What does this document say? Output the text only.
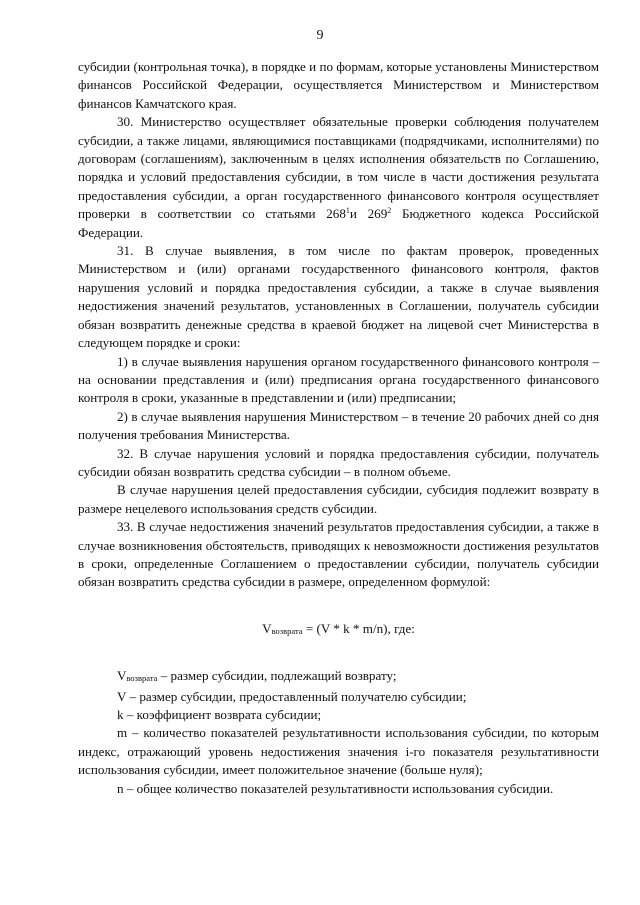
9

субсидии (контрольная точка), в порядке и по формам, которые установлены Министерством финансов Российской Федерации, осуществляется Министерством и Министерством финансов Камчатского края.

30. Министерство осуществляет обязательные проверки соблюдения получателем субсидии, а также лицами, являющимися поставщиками (подрядчиками, исполнителями) по договорам (соглашениям), заключенным в целях исполнения обязательств по Соглашению, порядка и условий предоставления субсидии, в том числе в части достижения результата предоставления субсидии, а орган государственного финансового контроля осуществляет проверки в соответствии со статьями $268^1и$ $269^2$ Бюджетного кодекса Российской Федерации.

31. В случае выявления, в том числе по фактам проверок, проведенных Министерством и (или) органами государственного финансового контроля, фактов нарушения условий и порядка предоставления субсидии, а также в случае выявления недостижения значений результатов, установленных в Соглашении, получатель субсидии обязан возвратить денежные средства в краевой бюджет на лицевой счет Министерства в следующем порядке и сроки:

1) в случае выявления нарушения органом государственного финансового контроля – на основании представления и (или) предписания органа государственного финансового контроля в сроки, указанные в представлении и (или) предписании;

2) в случае выявления нарушения Министерством – в течение 20 рабочих дней со дня получения требования Министерства.

32. В случае нарушения условий и порядка предоставления субсидии, получатель субсидии обязан возвратить средства субсидии – в полном объеме.

В случае нарушения целей предоставления субсидии, субсидия подлежит возврату в размере нецелевого использования средств субсидии.

33. В случае недостижения значений результатов предоставления субсидии, а также в случае возникновения обстоятельств, приводящих к невозможности достижения результатов в сроки, определенные Соглашением о предоставлении субсидии, получатель субсидии обязан возвратить средства субсидии в размере, определенном формулой:

$V_{возврата} = (V * k * m/n)$, где:

$V_{возврата}$ – размер субсидии, подлежащий возврату;

V – размер субсидии, предоставленный получателю субсидии;

k – коэффициент возврата субсидии;

m – количество показателей результативности использования субсидии, по которым индекс, отражающий уровень недостижения значения i-го показателя результативности использования субсидии, имеет положительное значение (больше нуля);

n – общее количество показателей результативности использования субсидии.
